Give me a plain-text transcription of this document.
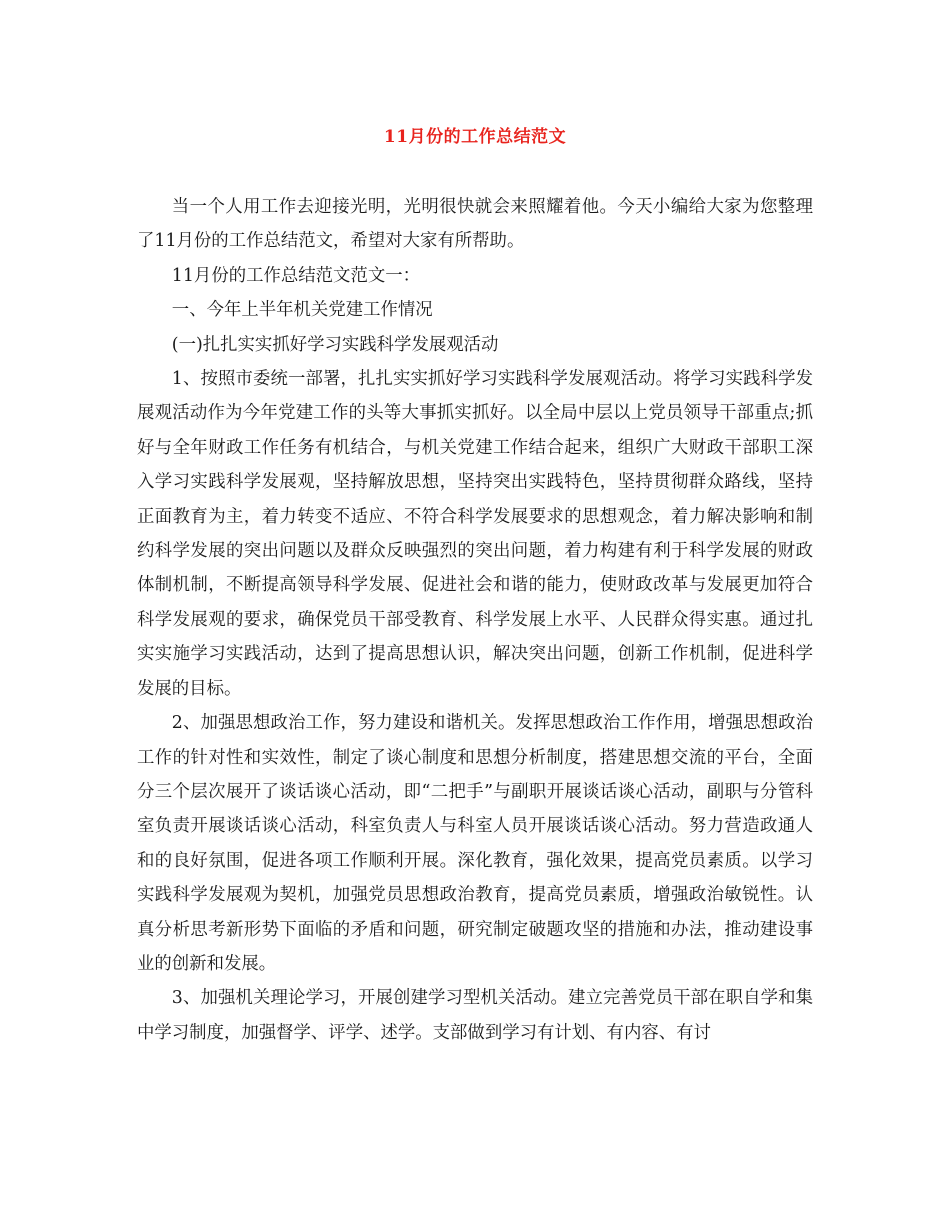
11月份的工作总结范文

当一个人用工作去迎接光明，光明很快就会来照耀着他。今天小编给大家为您整理了11月份的工作总结范文，希望对大家有所帮助。

11月份的工作总结范文范文一：

一、今年上半年机关党建工作情况

(一)扎扎实实抓好学习实践科学发展观活动

1、按照市委统一部署，扎扎实实抓好学习实践科学发展观活动。将学习实践科学发展观活动作为今年党建工作的头等大事抓实抓好。以全局中层以上党员领导干部重点;抓好与全年财政工作任务有机结合，与机关党建工作结合起来，组织广大财政干部职工深入学习实践科学发展观，坚持解放思想，坚持突出实践特色，坚持贯彻群众路线，坚持正面教育为主，着力转变不适应、不符合科学发展要求的思想观念，着力解决影响和制约科学发展的突出问题以及群众反映强烈的突出问题，着力构建有利于科学发展的财政体制机制，不断提高领导科学发展、促进社会和谐的能力，使财政改革与发展更加符合科学发展观的要求，确保党员干部受教育、科学发展上水平、人民群众得实惠。通过扎实实施学习实践活动，达到了提高思想认识，解决突出问题，创新工作机制，促进科学发展的目标。

2、加强思想政治工作，努力建设和谐机关。发挥思想政治工作作用，增强思想政治工作的针对性和实效性，制定了谈心制度和思想分析制度，搭建思想交流的平台，全面分三个层次展开了谈话谈心活动，即“二把手”与副职开展谈话谈心活动，副职与分管科室负责开展谈话谈心活动，科室负责人与科室人员开展谈话谈心活动。努力营造政通人和的良好氛围，促进各项工作顺利开展。深化教育，强化效果，提高党员素质。以学习实践科学发展观为契机，加强党员思想政治教育，提高党员素质，增强政治敏锐性。认真分析思考新形势下面临的矛盾和问题，研究制定破题攻坚的措施和办法，推动建设事业的创新和发展。

3、加强机关理论学习，开展创建学习型机关活动。建立完善党员干部在职自学和集中学习制度，加强督学、评学、述学。支部做到学习有计划、有内容、有讨
